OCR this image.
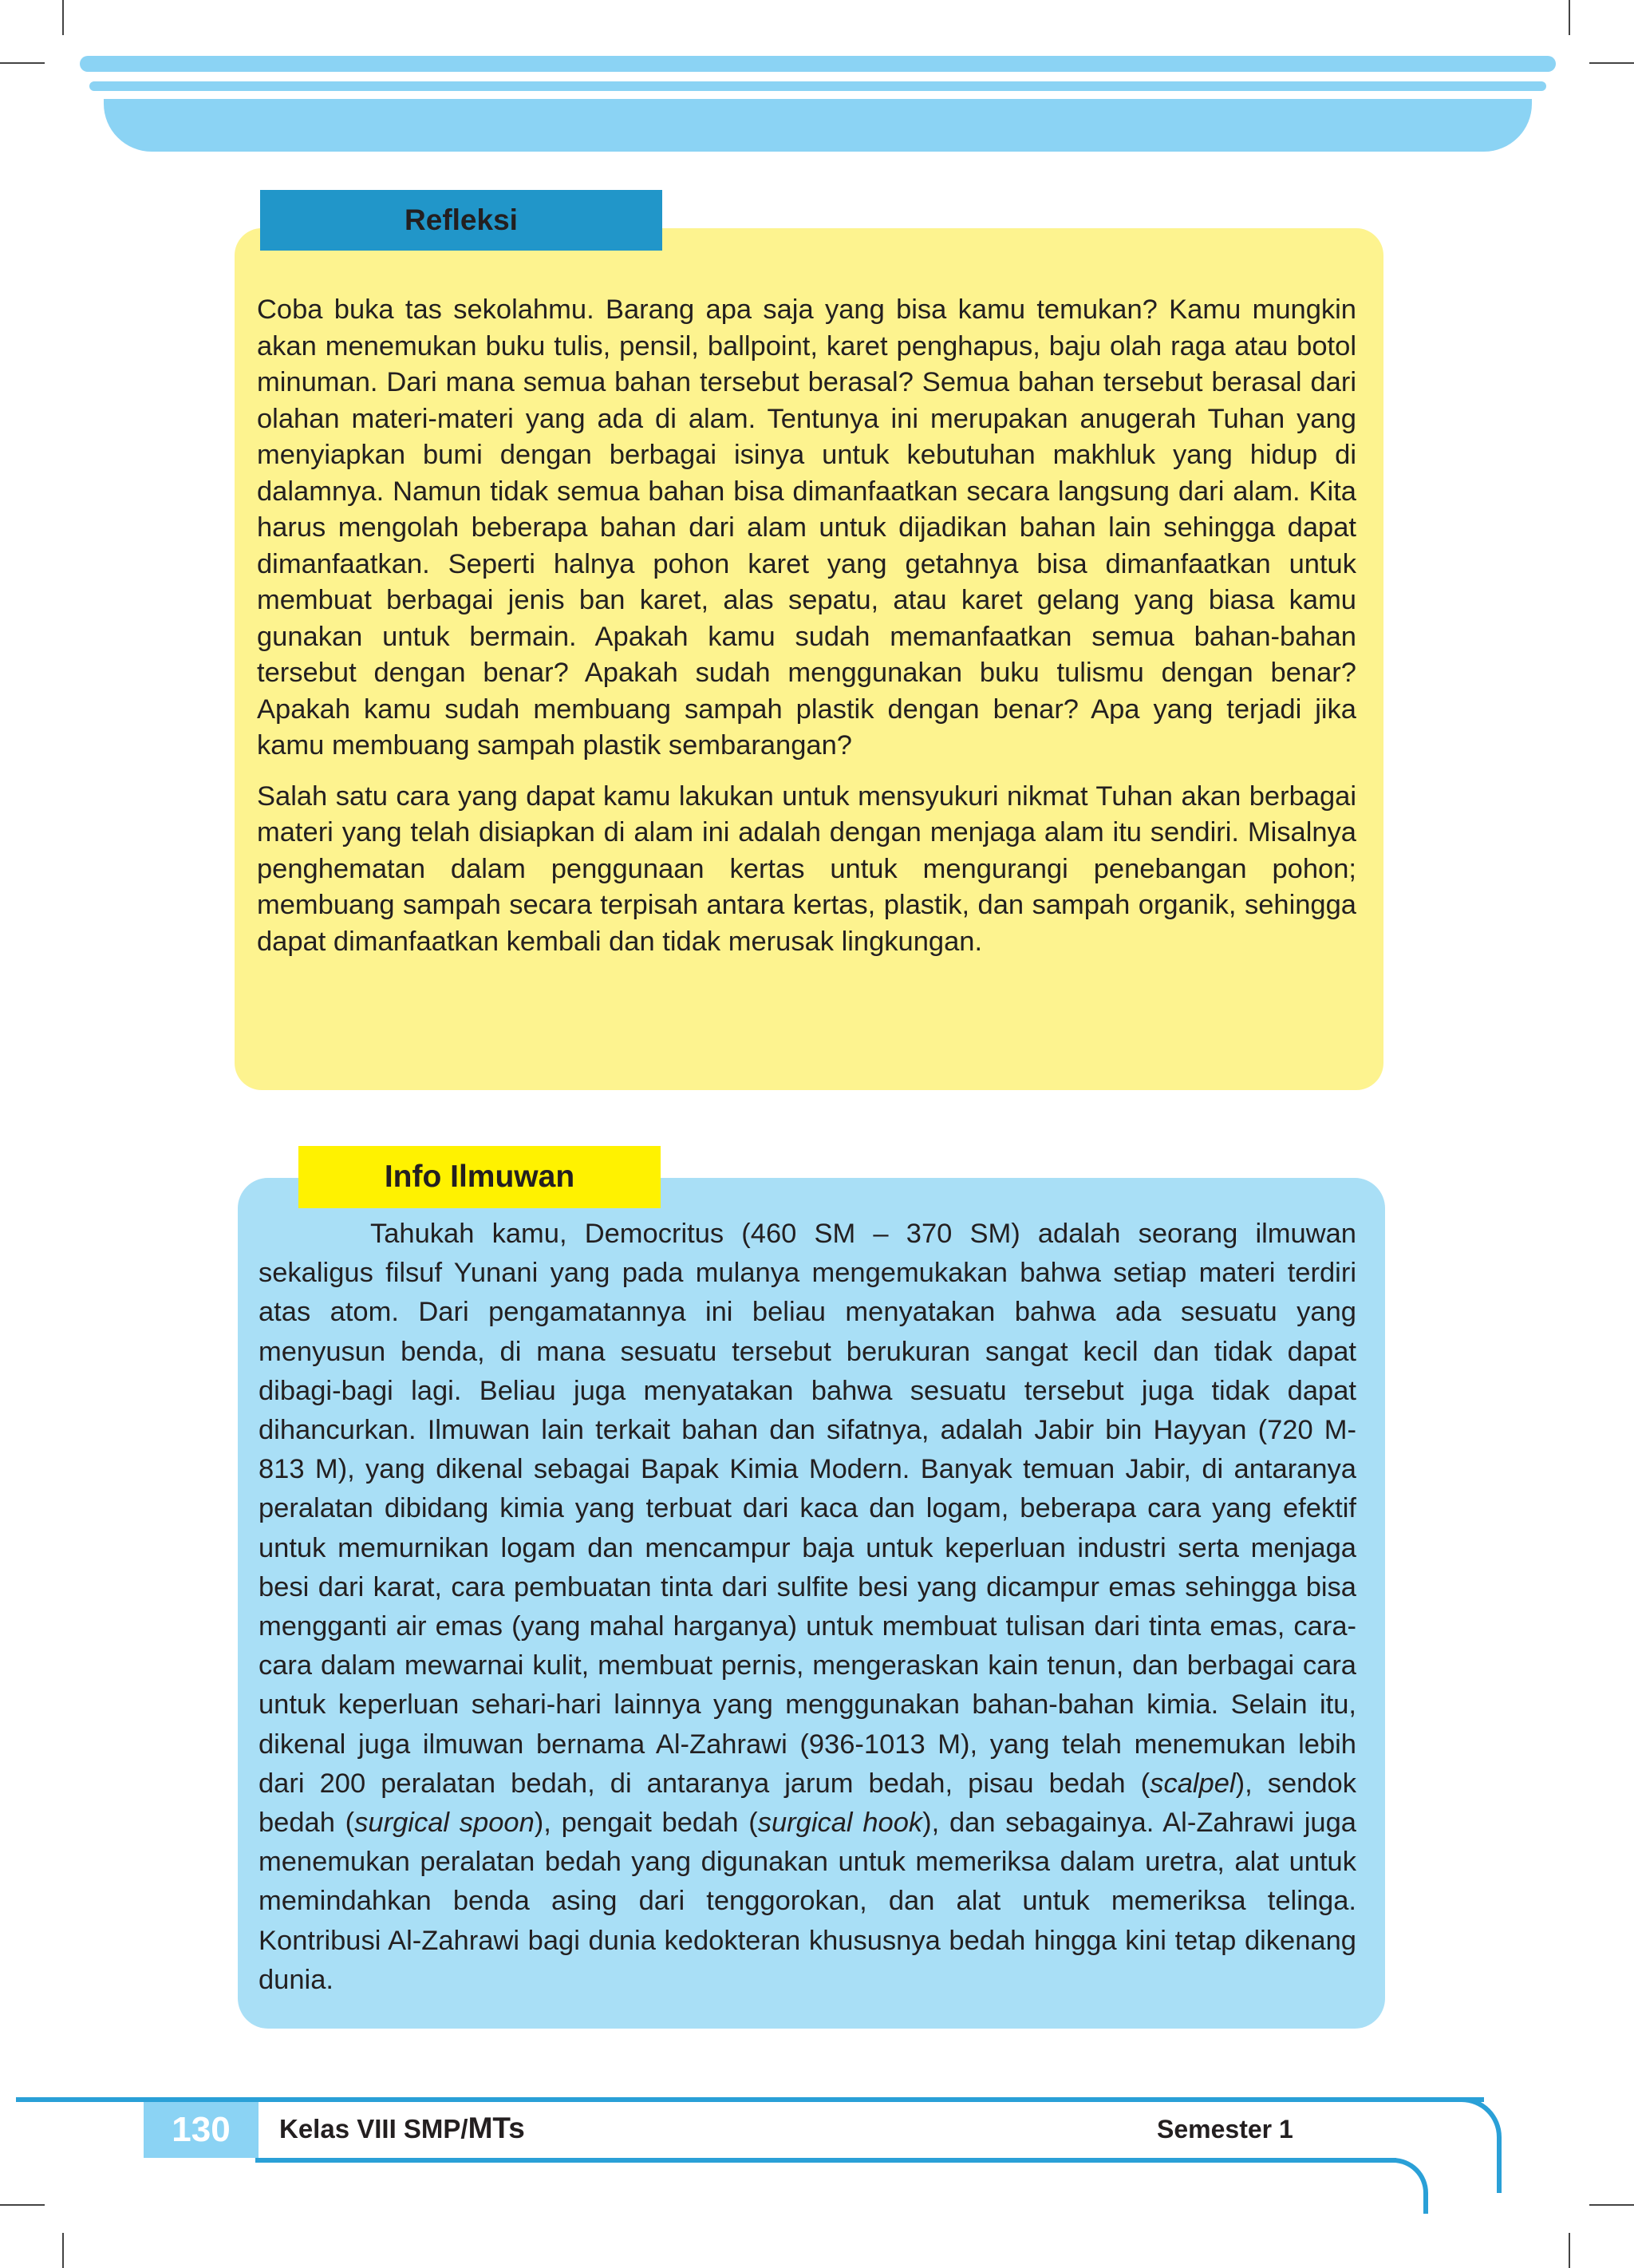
Refleksi

Coba buka tas sekolahmu. Barang apa saja yang bisa kamu temukan? Kamu mungkin akan menemukan buku tulis, pensil, ballpoint, karet penghapus, baju olah raga atau botol minuman. Dari mana semua bahan tersebut berasal? Semua bahan tersebut berasal dari olahan materi-materi yang ada di alam. Tentunya ini merupakan anugerah Tuhan yang menyiapkan bumi dengan berbagai isinya untuk kebutuhan makhluk yang hidup di dalamnya. Namun tidak semua bahan bisa dimanfaatkan secara langsung dari alam. Kita harus mengolah beberapa bahan dari alam untuk dijadikan bahan lain sehingga dapat dimanfaatkan. Seperti halnya pohon karet yang getahnya bisa dimanfaatkan untuk membuat berbagai jenis ban karet, alas sepatu, atau karet gelang yang biasa kamu gunakan untuk bermain. Apakah kamu sudah memanfaatkan semua bahan-bahan tersebut dengan benar? Apakah sudah menggunakan buku tulismu dengan benar? Apakah kamu sudah membuang sampah plastik dengan benar? Apa yang terjadi jika kamu membuang sampah plastik sembarangan?

Salah satu cara yang dapat kamu lakukan untuk mensyukuri nikmat Tuhan akan berbagai materi yang telah disiapkan di alam ini adalah dengan menjaga alam itu sendiri. Misalnya penghematan dalam penggunaan kertas untuk mengurangi penebangan pohon; membuang sampah secara terpisah antara kertas, plastik, dan sampah organik, sehingga dapat dimanfaatkan kembali dan tidak merusak lingkungan.

Info Ilmuwan

Tahukah kamu, Democritus (460 SM – 370 SM) adalah seorang ilmuwan sekaligus filsuf Yunani yang pada mulanya mengemukakan bahwa setiap materi terdiri atas atom. Dari pengamatannya ini beliau menyatakan bahwa ada sesuatu yang menyusun benda, di mana sesuatu tersebut berukuran sangat kecil dan tidak dapat dibagi-bagi lagi. Beliau juga menyatakan bahwa sesuatu tersebut juga tidak dapat dihancurkan. Ilmuwan lain terkait bahan dan sifatnya, adalah Jabir bin Hayyan (720 M-813 M), yang dikenal sebagai Bapak Kimia Modern. Banyak temuan Jabir, di antaranya peralatan dibidang kimia yang terbuat dari kaca dan logam, beberapa cara yang efektif untuk memurnikan logam dan mencampur baja untuk keperluan industri serta menjaga besi dari karat, cara pembuatan tinta dari sulfite besi yang dicampur emas sehingga bisa mengganti air emas (yang mahal harganya) untuk membuat tulisan dari tinta emas, cara-cara dalam mewarnai kulit, membuat pernis, mengeraskan kain tenun, dan berbagai cara untuk keperluan sehari-hari lainnya yang menggunakan bahan-bahan kimia. Selain itu, dikenal juga ilmuwan bernama Al-Zahrawi (936-1013 M), yang telah menemukan lebih dari 200 peralatan bedah, di antaranya jarum bedah, pisau bedah (scalpel), sendok bedah (surgical spoon), pengait bedah (surgical hook), dan sebagainya. Al-Zahrawi juga menemukan peralatan bedah yang digunakan untuk memeriksa dalam uretra, alat untuk memindahkan benda asing dari tenggorokan, dan alat untuk memeriksa telinga. Kontribusi Al-Zahrawi bagi dunia kedokteran khususnya bedah hingga kini tetap dikenang dunia.

130	Kelas VIII SMP/MTs	Semester 1
